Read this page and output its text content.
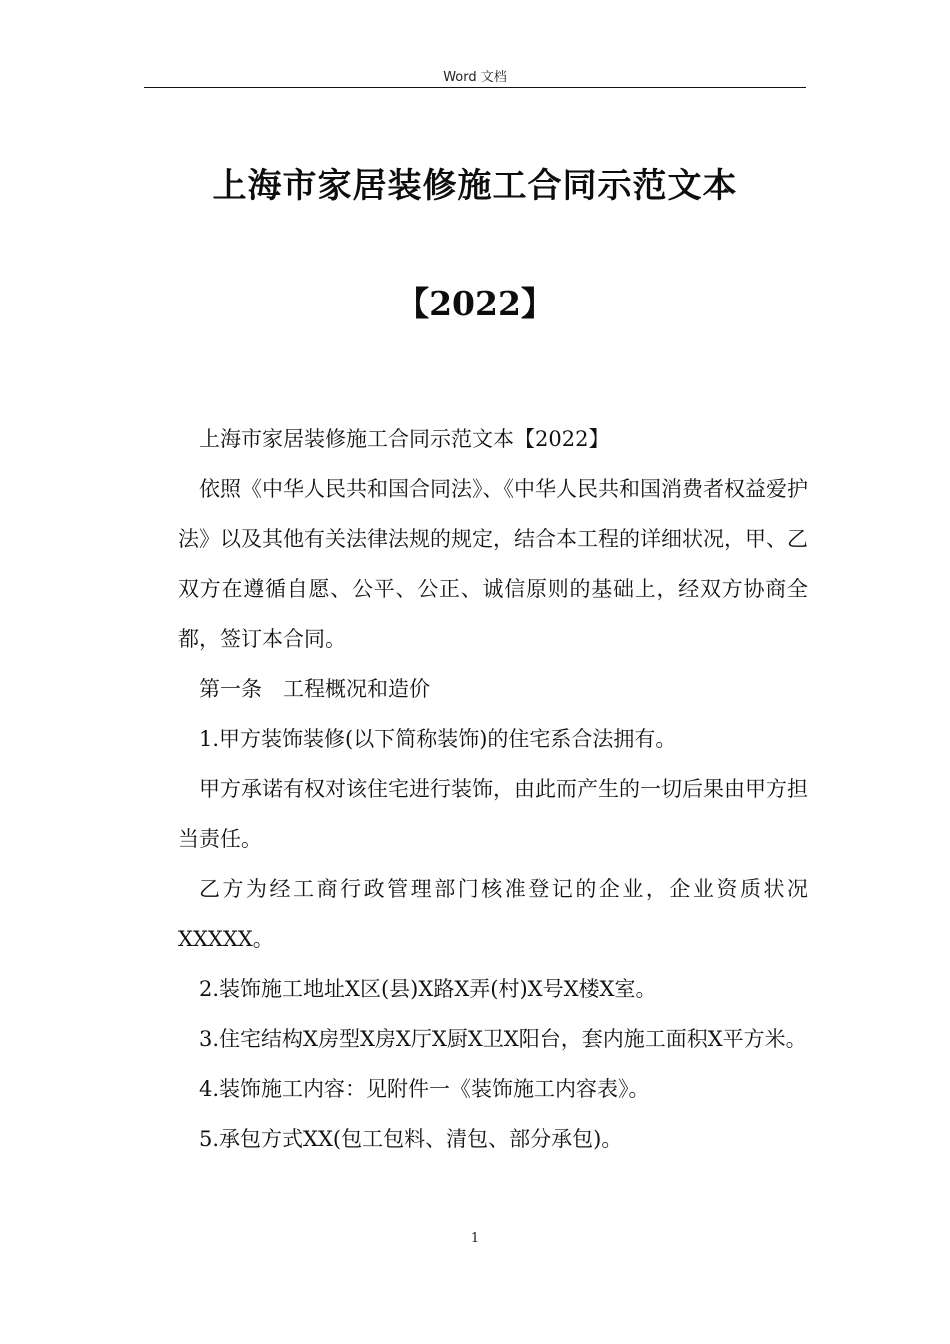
Word 文档
上海市家居装修施工合同示范文本
【2022】

上海市家居装修施工合同示范文本【2022】

依照《中华人民共和国合同法》、《中华人民共和国消费者权益爱护法》以及其他有关法律法规的规定，结合本工程的详细状况，甲、乙双方在遵循自愿、公平、公正、诚信原则的基础上，经双方协商全都，签订本合同。

第一条　工程概况和造价

1.甲方装饰装修(以下简称装饰)的住宅系合法拥有。

甲方承诺有权对该住宅进行装饰，由此而产生的一切后果由甲方担当责任。

乙方为经工商行政管理部门核准登记的企业，企业资质状况XXXXX。

2.装饰施工地址X区(县)X路X弄(村)X号X楼X室。

3.住宅结构X房型X房X厅X厨X卫X阳台，套内施工面积X平方米。

4.装饰施工内容：见附件一《装饰施工内容表》。

5.承包方式XX(包工包料、清包、部分承包)。

1
